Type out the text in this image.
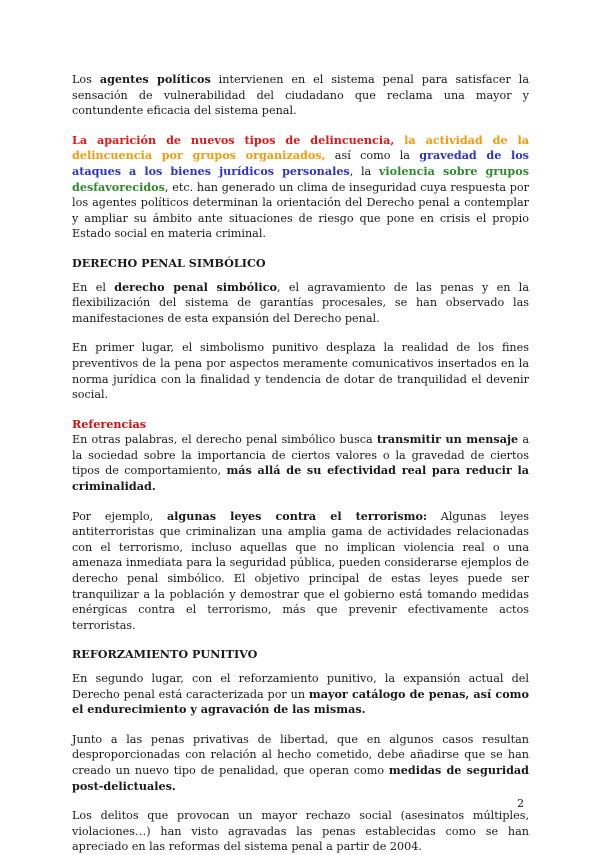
Los agentes políticos intervienen en el sistema penal para satisfacer la sensación de vulnerabilidad del ciudadano que reclama una mayor y contundente eficacia del sistema penal.

La aparición de nuevos tipos de delincuencia, la actividad de la delincuencia por grupos organizados, así como la gravedad de los ataques a los bienes jurídicos personales, la violencia sobre grupos desfavorecidos, etc. han generado un clima de inseguridad cuya respuesta por los agentes políticos determinan la orientación del Derecho penal a contemplar y ampliar su ámbito ante situaciones de riesgo que pone en crisis el propio Estado social en materia criminal.

DERECHO PENAL SIMBÓLICO

En el derecho penal simbólico, el agravamiento de las penas y en la flexibilización del sistema de garantías procesales, se han observado las manifestaciones de esta expansión del Derecho penal.

En primer lugar, el simbolismo punitivo desplaza la realidad de los fines preventivos de la pena por aspectos meramente comunicativos insertados en la norma jurídica con la finalidad y tendencia de dotar de tranquilidad el devenir social.

Referencias

En otras palabras, el derecho penal simbólico busca transmitir un mensaje a la sociedad sobre la importancia de ciertos valores o la gravedad de ciertos tipos de comportamiento, más allá de su efectividad real para reducir la criminalidad.

Por ejemplo, algunas leyes contra el terrorismo: Algunas leyes antiterroristas que criminalizan una amplia gama de actividades relacionadas con el terrorismo, incluso aquellas que no implican violencia real o una amenaza inmediata para la seguridad pública, pueden considerarse ejemplos de derecho penal simbólico. El objetivo principal de estas leyes puede ser tranquilizar a la población y demostrar que el gobierno está tomando medidas enérgicas contra el terrorismo, más que prevenir efectivamente actos terroristas.

REFORZAMIENTO PUNITIVO

En segundo lugar, con el reforzamiento punitivo, la expansión actual del Derecho penal está caracterizada por un mayor catálogo de penas, así como el endurecimiento y agravación de las mismas.

Junto a las penas privativas de libertad, que en algunos casos resultan desproporcionadas con relación al hecho cometido, debe añadirse que se han creado un nuevo tipo de penalidad, que operan como medidas de seguridad post-delictuales.

Los delitos que provocan un mayor rechazo social (asesinatos múltiples, violaciones…) han visto agravadas las penas establecidas como se han apreciado en las reformas del sistema penal a partir de 2004.

2
